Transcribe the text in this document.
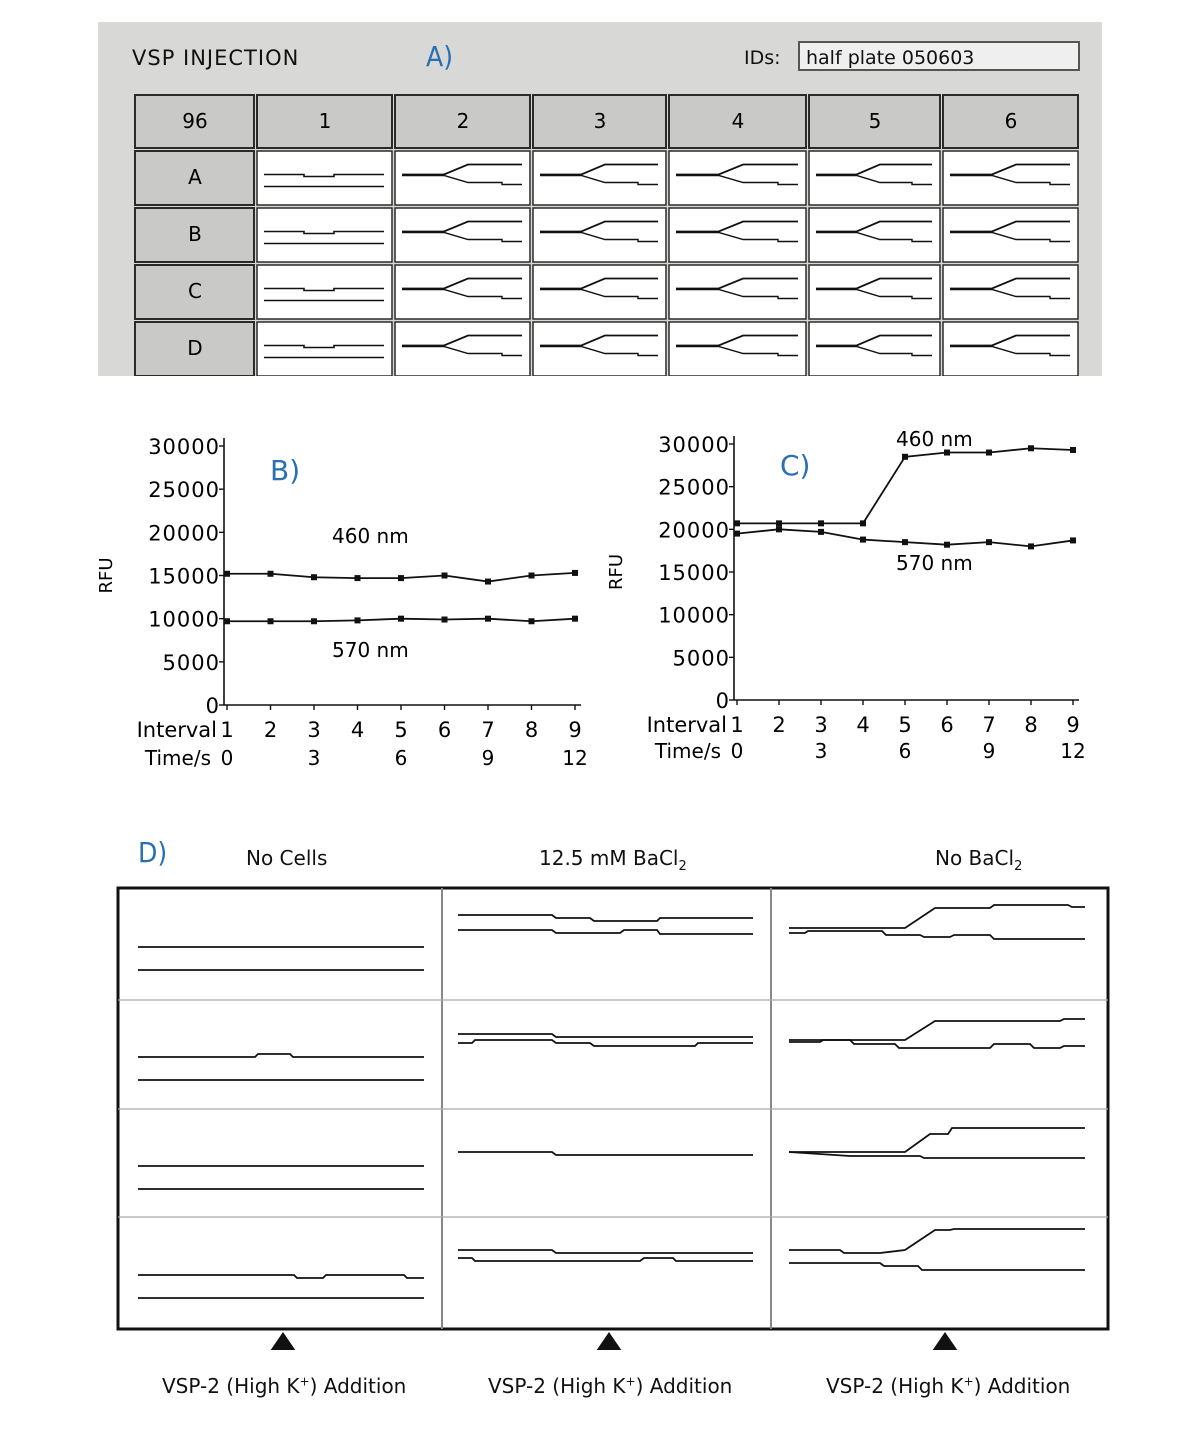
VSP INJECTION	A)	IDs:	half plate 050603
96	1	2	3	4	5	6
A
B
C
D
0
5000
10000
15000
20000
25000
30000
RFU
1
0
2 3
3
4 5
6
6 7
9
8 9
12
Interval
Time/s
B)
460 nm
570 nm
0
5000
10000
15000
20000
25000
30000
RFU
1
0
2 3
3
4 5
6
6 7
9
8 9
12
Interval
Time/s
C)
460 nm
570 nm
D)	No Cells	12.5 mM BaCl$_2$	No BaCl$_2$
VSP-2 (High K+) Addition	VSP-2 (High K+) Addition	VSP-2 (High K+) Addition
